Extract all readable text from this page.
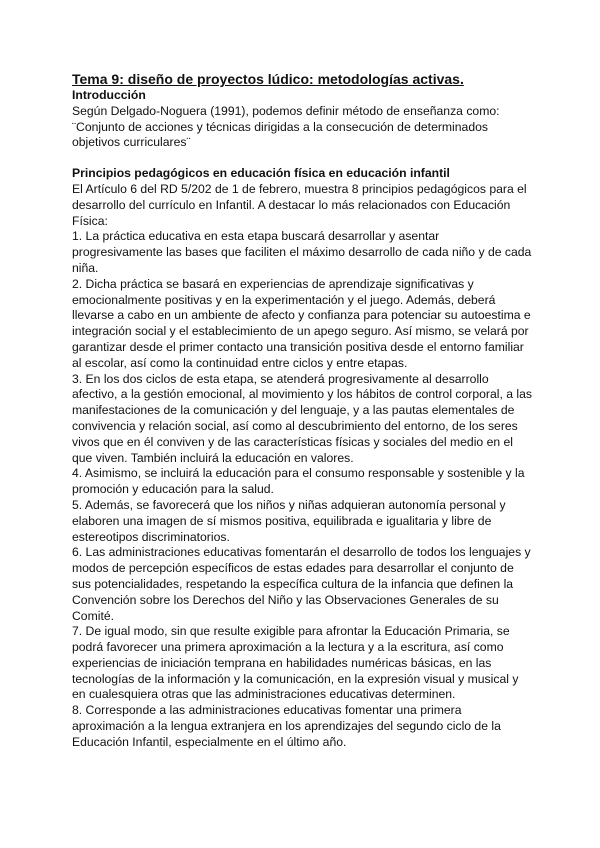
Tema 9: diseño de proyectos lúdico: metodologías activas.
Introducción

Según Delgado-Noguera (1991), podemos definir método de enseñanza como: ¨Conjunto de acciones y técnicas dirigidas a la consecución de determinados objetivos curriculares¨

Principios pedagógicos en educación física en educación infantil

El Artículo 6 del RD 5/202 de 1 de febrero, muestra 8 principios pedagógicos para el desarrollo del currículo en Infantil. A destacar lo más relacionados con Educación Física:

1. La práctica educativa en esta etapa buscará desarrollar y asentar progresivamente las bases que faciliten el máximo desarrollo de cada niño y de cada niña.

2. Dicha práctica se basará en experiencias de aprendizaje significativas y emocionalmente positivas y en la experimentación y el juego. Además, deberá llevarse a cabo en un ambiente de afecto y confianza para potenciar su autoestima e integración social y el establecimiento de un apego seguro. Así mismo, se velará por garantizar desde el primer contacto una transición positiva desde el entorno familiar al escolar, así como la continuidad entre ciclos y entre etapas.

3. En los dos ciclos de esta etapa, se atenderá progresivamente al desarrollo afectivo, a la gestión emocional, al movimiento y los hábitos de control corporal, a las manifestaciones de la comunicación y del lenguaje, y a las pautas elementales de convivencia y relación social, así como al descubrimiento del entorno, de los seres vivos que en él conviven y de las características físicas y sociales del medio en el que viven. También incluirá la educación en valores.

4. Asimismo, se incluirá la educación para el consumo responsable y sostenible y la promoción y educación para la salud.

5. Además, se favorecerá que los niños y niñas adquieran autonomía personal y elaboren una imagen de sí mismos positiva, equilibrada e igualitaria y libre de estereotipos discriminatorios.

6. Las administraciones educativas fomentarán el desarrollo de todos los lenguajes y modos de percepción específicos de estas edades para desarrollar el conjunto de sus potencialidades, respetando la específica cultura de la infancia que definen la Convención sobre los Derechos del Niño y las Observaciones Generales de su Comité.

7. De igual modo, sin que resulte exigible para afrontar la Educación Primaria, se podrá favorecer una primera aproximación a la lectura y a la escritura, así como experiencias de iniciación temprana en habilidades numéricas básicas, en las tecnologías de la información y la comunicación, en la expresión visual y musical y en cualesquiera otras que las administraciones educativas determinen.

8. Corresponde a las administraciones educativas fomentar una primera aproximación a la lengua extranjera en los aprendizajes del segundo ciclo de la Educación Infantil, especialmente en el último año.
